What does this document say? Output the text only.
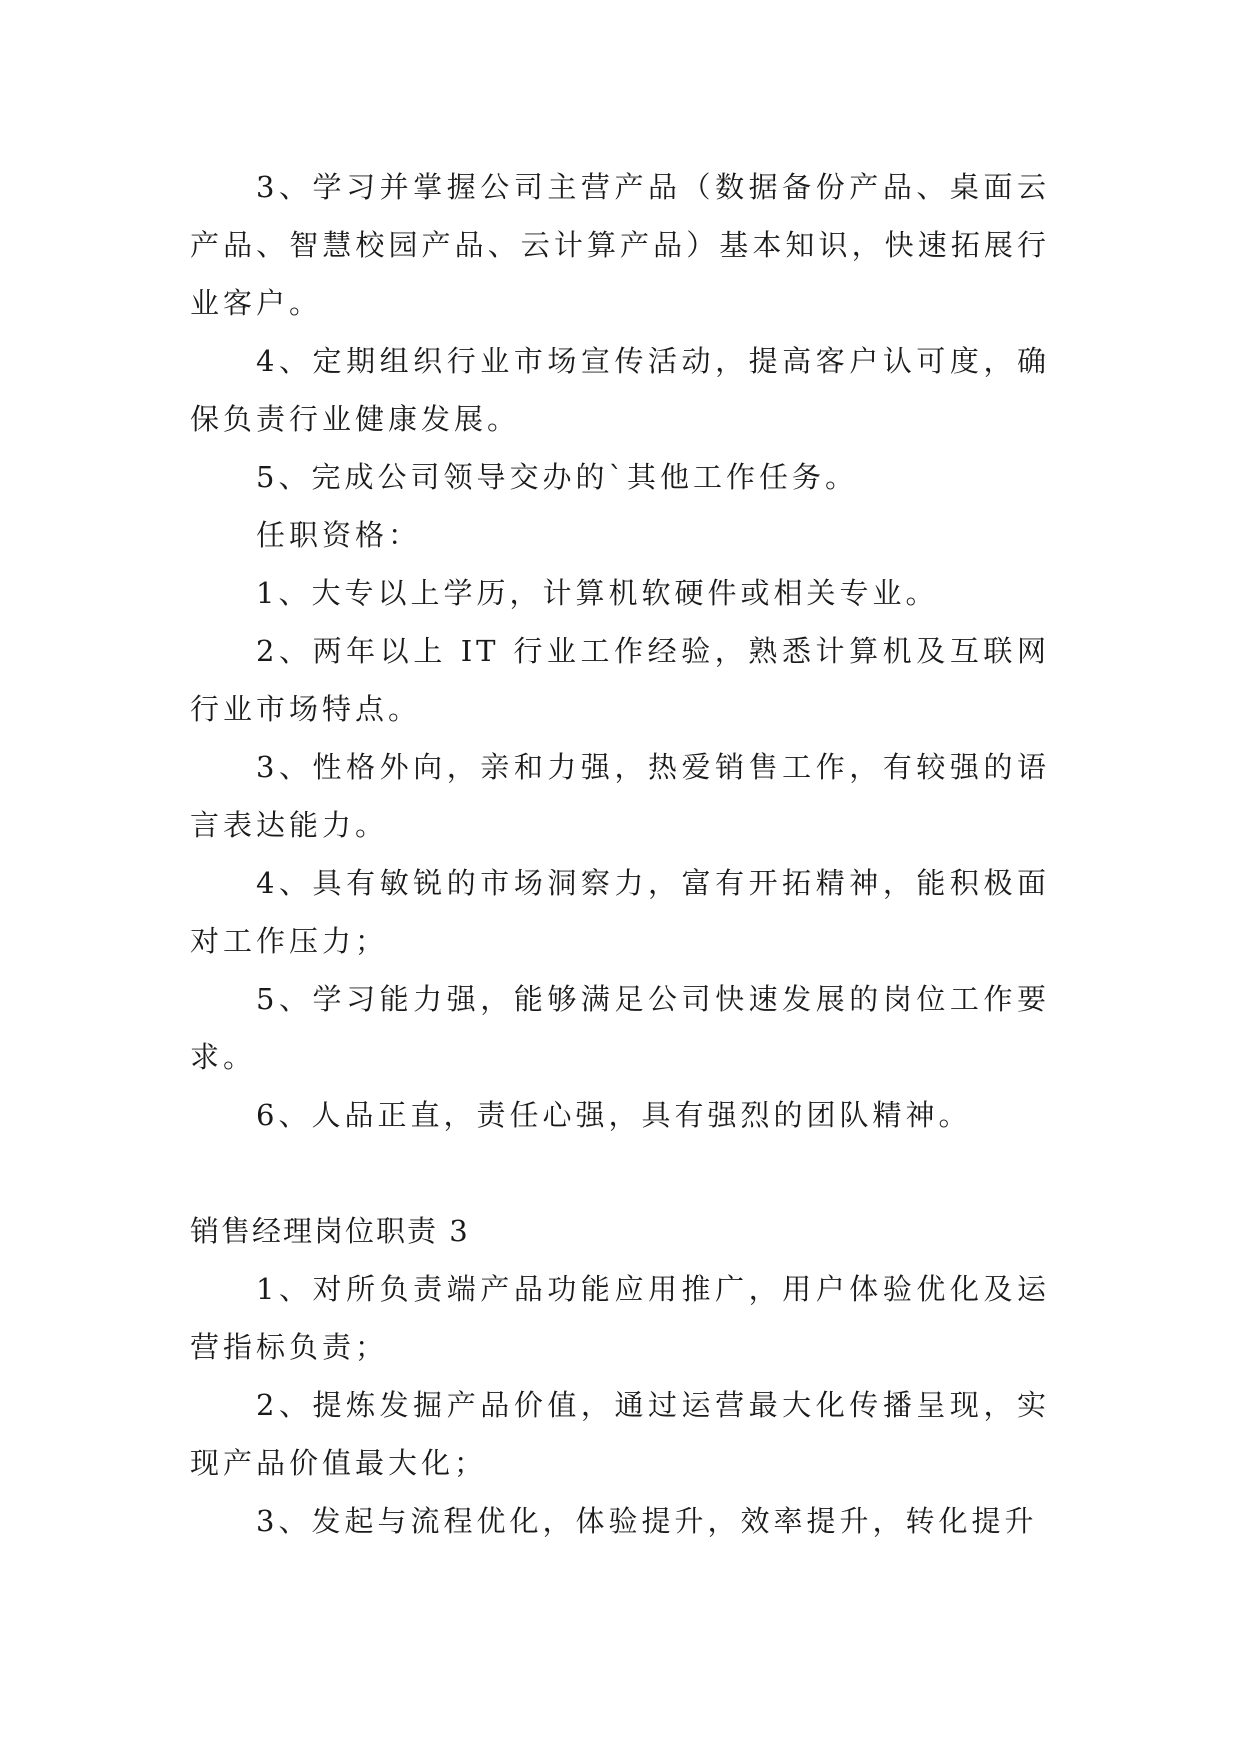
3、学习并掌握公司主营产品（数据备份产品、桌面云产品、智慧校园产品、云计算产品）基本知识，快速拓展行业客户。

4、定期组织行业市场宣传活动，提高客户认可度，确保负责行业健康发展。

5、完成公司领导交办的`其他工作任务。

任职资格：

1、大专以上学历，计算机软硬件或相关专业。

2、两年以上 IT 行业工作经验，熟悉计算机及互联网行业市场特点。

3、性格外向，亲和力强，热爱销售工作，有较强的语言表达能力。

4、具有敏锐的市场洞察力，富有开拓精神，能积极面对工作压力；

5、学习能力强，能够满足公司快速发展的岗位工作要求。

6、人品正直，责任心强，具有强烈的团队精神。

销售经理岗位职责 3

1、对所负责端产品功能应用推广，用户体验优化及运营指标负责；

2、提炼发掘产品价值，通过运营最大化传播呈现，实现产品价值最大化；

3、发起与流程优化，体验提升，效率提升，转化提升
